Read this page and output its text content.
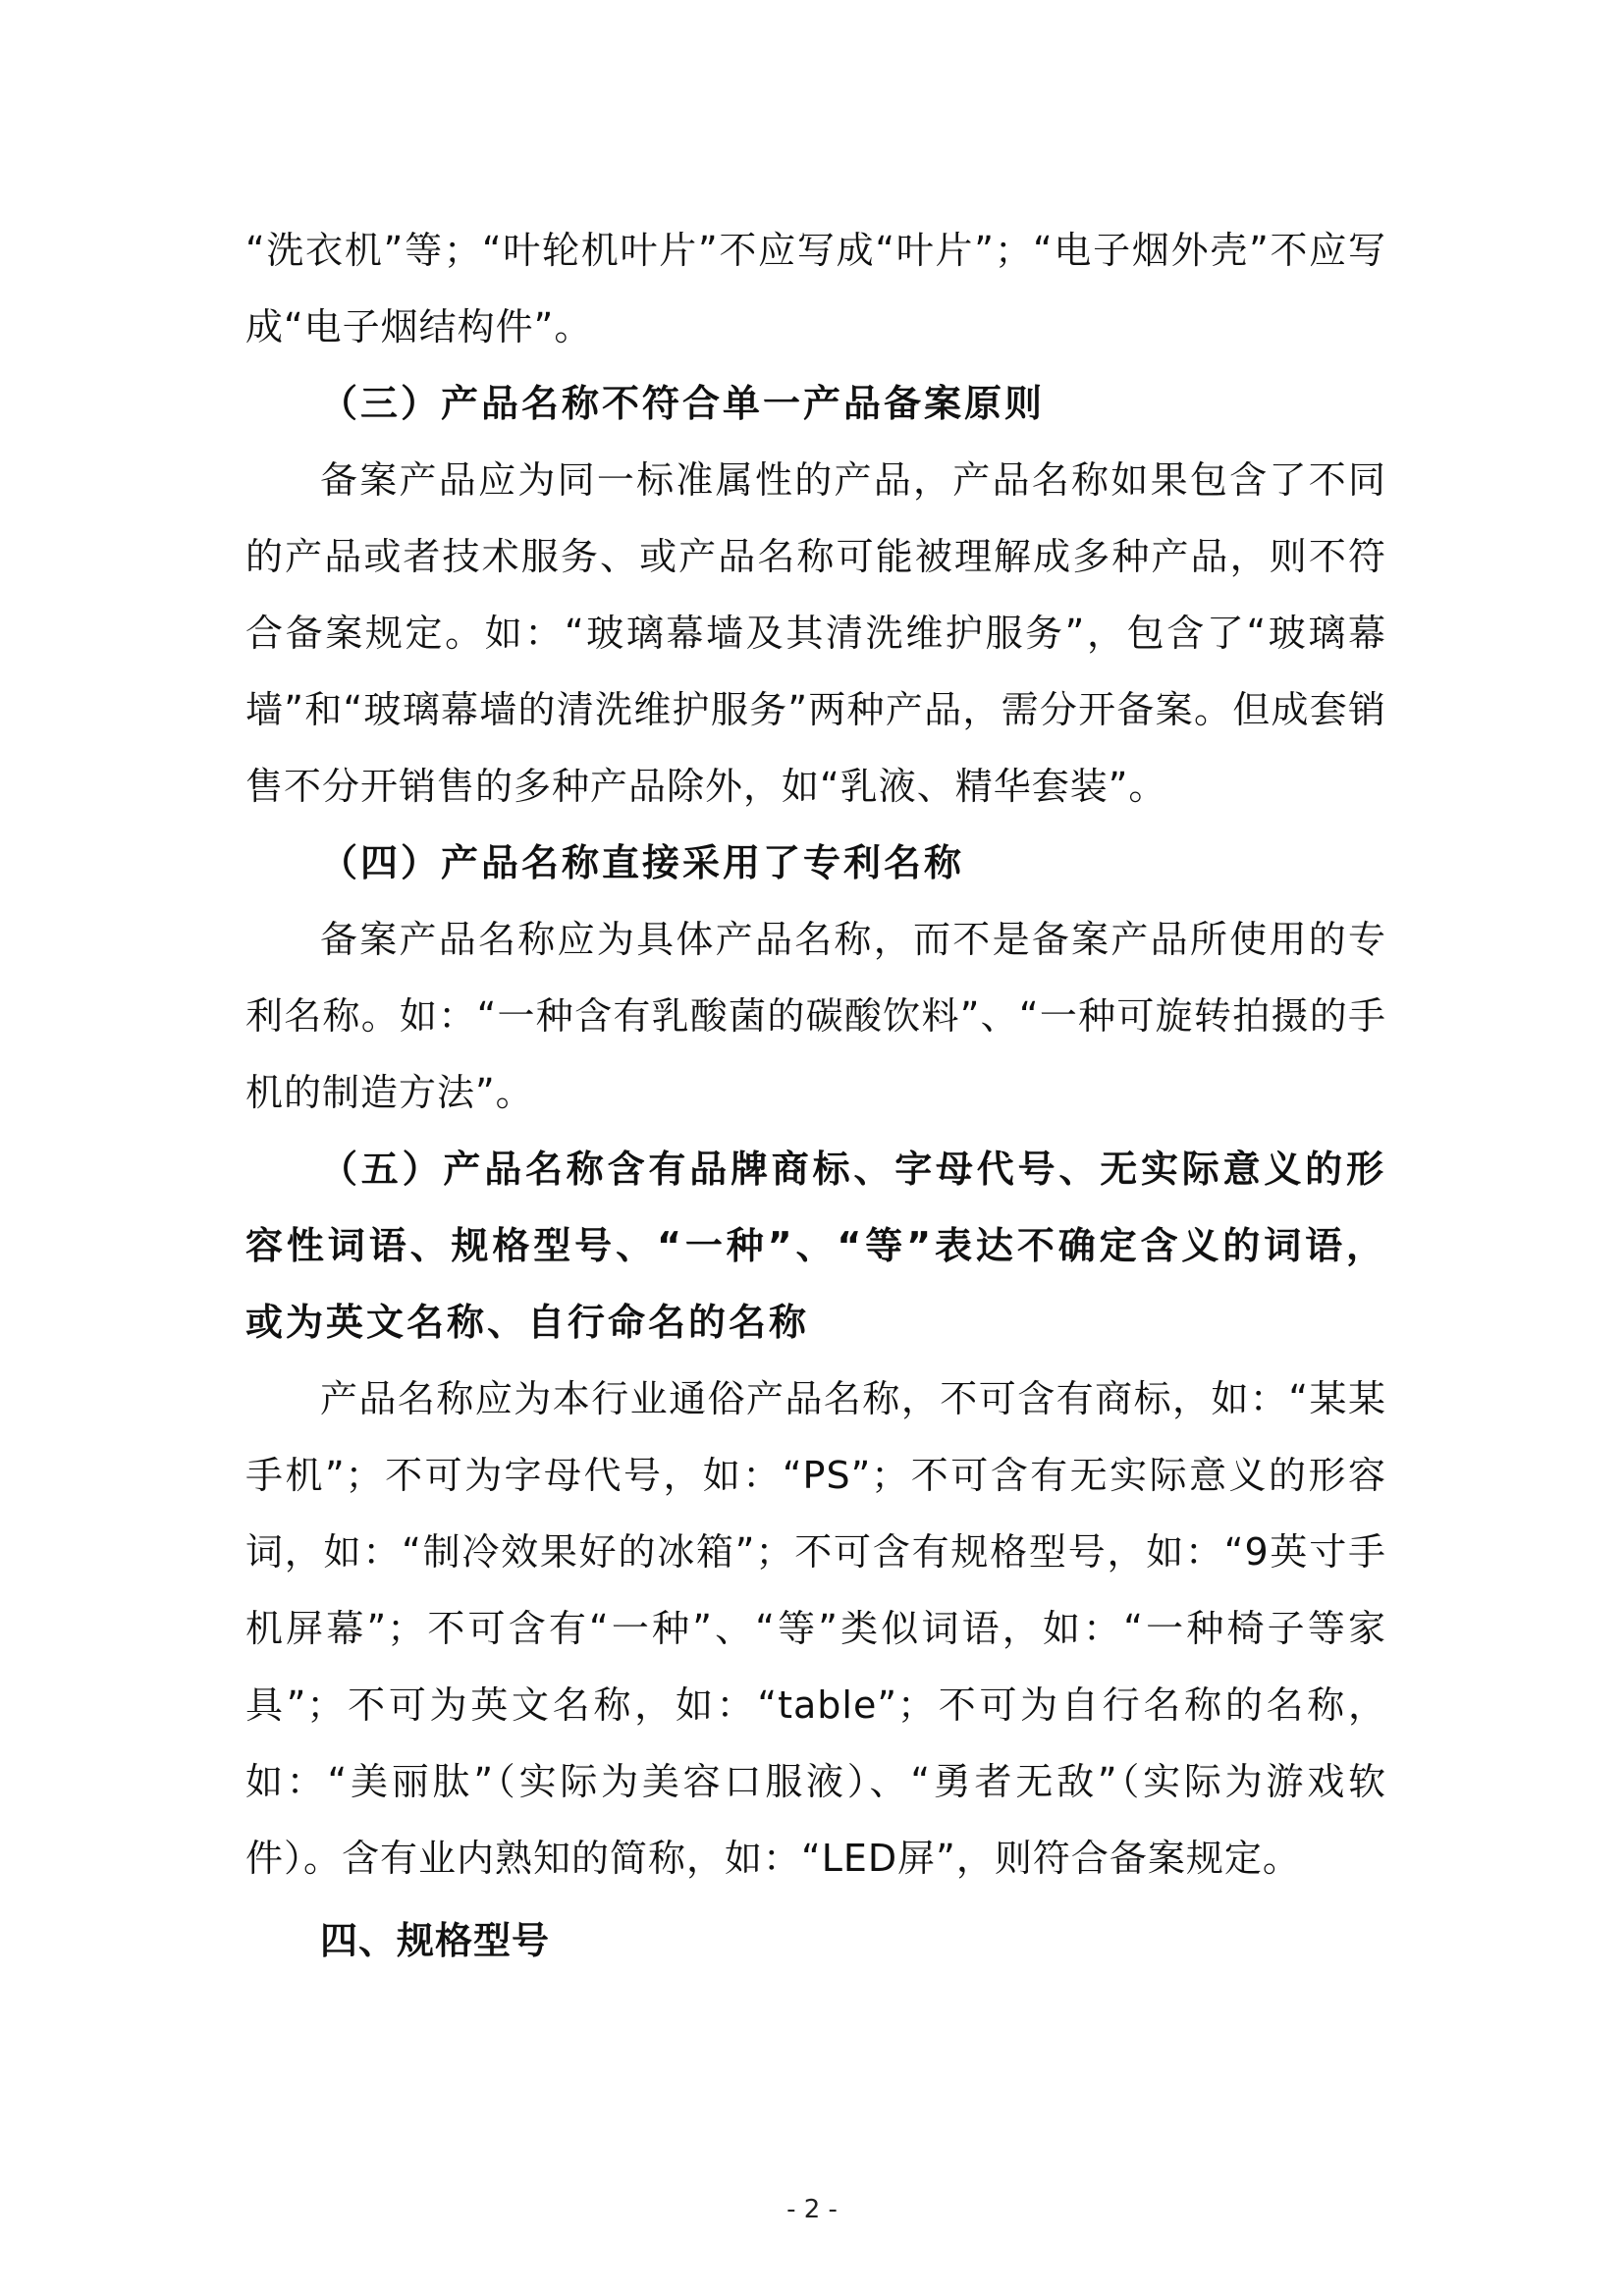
“洗衣机”等；“叶轮机叶片”不应写成“叶片”；“电子烟外壳”不应写成“电子烟结构件”。

（三）产品名称不符合单一产品备案原则

备案产品应为同一标准属性的产品，产品名称如果包含了不同的产品或者技术服务、或产品名称可能被理解成多种产品，则不符合备案规定。如：“玻璃幕墙及其清洗维护服务”，包含了“玻璃幕墙”和“玻璃幕墙的清洗维护服务”两种产品，需分开备案。但成套销售不分开销售的多种产品除外，如“乳液、精华套装”。

（四）产品名称直接采用了专利名称

备案产品名称应为具体产品名称，而不是备案产品所使用的专利名称。如：“一种含有乳酸菌的碳酸饮料”、“一种可旋转拍摄的手机的制造方法”。

（五）产品名称含有品牌商标、字母代号、无实际意义的形容性词语、规格型号、“一种”、“等”表达不确定含义的词语，或为英文名称、自行命名的名称

产品名称应为本行业通俗产品名称，不可含有商标，如：“某某手机”；不可为字母代号，如：“PS”；不可含有无实际意义的形容词，如：“制冷效果好的冰箱”；不可含有规格型号，如：“9英寸手机屏幕”；不可含有“一种”、“等”类似词语，如：“一种椅子等家具”；不可为英文名称，如：“table”；不可为自行名称的名称，如：“美丽肽”（实际为美容口服液）、“勇者无敌”（实际为游戏软件）。含有业内熟知的简称，如：“LED屏”，则符合备案规定。

四、规格型号

- 2 -
